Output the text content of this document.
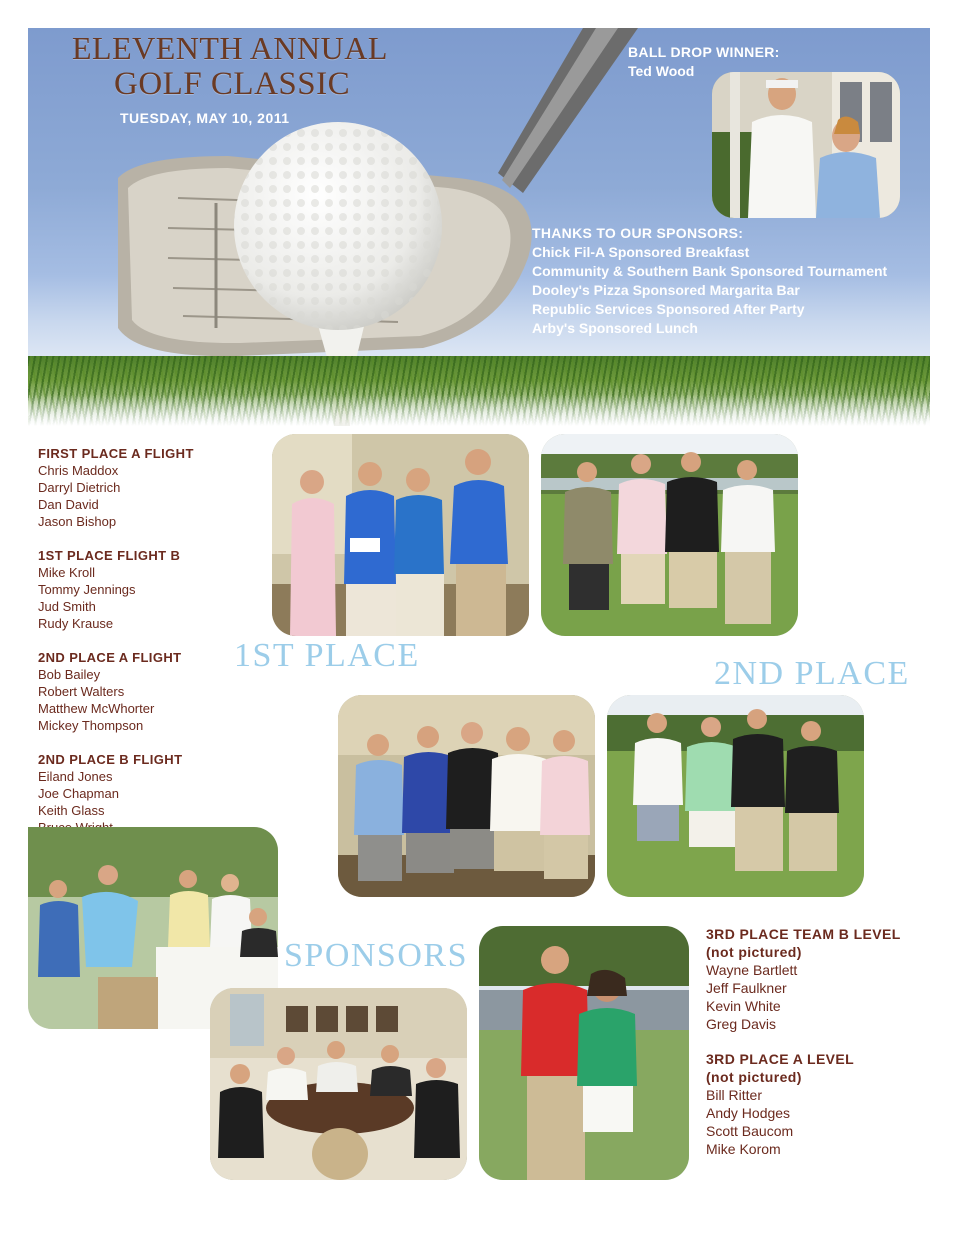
ELEVENTH ANNUAL
GOLF CLASSIC
TUESDAY, MAY 10, 2011
BALL DROP WINNER:
Ted Wood
THANKS TO OUR SPONSORS:
Chick Fil-A Sponsored Breakfast
Community & Southern Bank Sponsored Tournament
Dooley's Pizza Sponsored Margarita Bar
Republic Services Sponsored After Party
Arby's Sponsored Lunch
FIRST PLACE A FLIGHT
Chris Maddox
Darryl Dietrich
Dan David
Jason Bishop
1ST PLACE FLIGHT B
Mike Kroll
Tommy Jennings
Jud Smith
Rudy Krause
2ND PLACE A FLIGHT
Bob Bailey
Robert Walters
Matthew McWhorter
Mickey Thompson
2ND PLACE B FLIGHT
Eiland Jones
Joe Chapman
Keith Glass
1ST PLACE	2ND PLACE
SPONSORS
3RD PLACE TEAM B LEVEL
(not pictured)
Wayne Bartlett
Jeff Faulkner
Kevin White
Greg Davis
3RD PLACE A LEVEL
(not pictured)
Bill Ritter
Andy Hodges
Scott Baucom
Mike Korom
